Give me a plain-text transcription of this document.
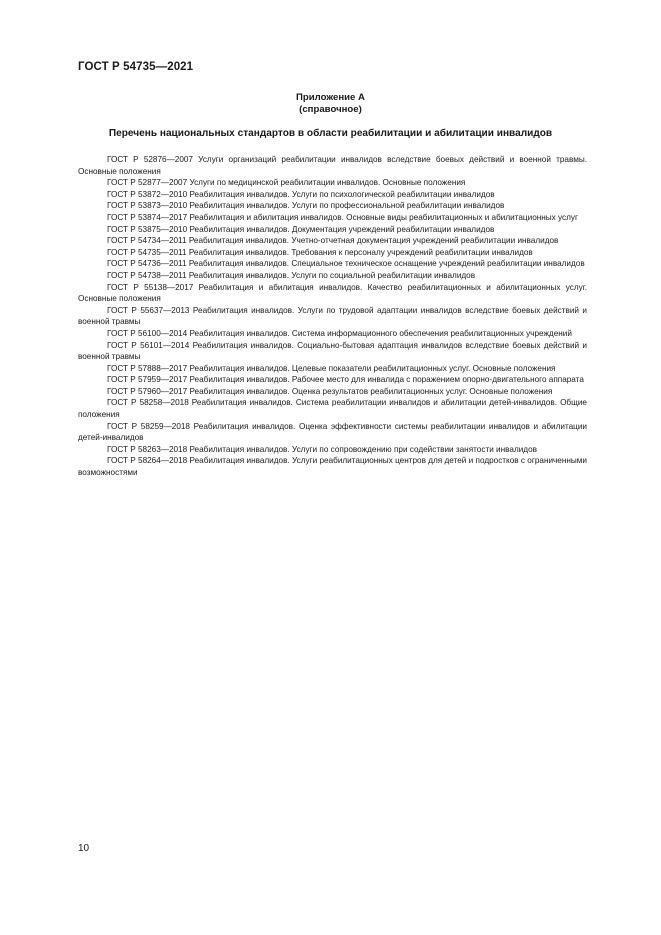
ГОСТ Р 54735—2021
Приложение А
(справочное)
Перечень национальных стандартов в области реабилитации и абилитации инвалидов

ГОСТ Р 52876—2007 Услуги организаций реабилитации инвалидов вследствие боевых действий и военной травмы. Основные положения

ГОСТ Р 52877—2007 Услуги по медицинской реабилитации инвалидов. Основные положения

ГОСТ Р 53872—2010 Реабилитация инвалидов. Услуги по психологической реабилитации инвалидов

ГОСТ Р 53873—2010 Реабилитация инвалидов. Услуги по профессиональной реабилитации инвалидов

ГОСТ Р 53874—2017 Реабилитация и абилитация инвалидов. Основные виды реабилитационных и абилитационных услуг

ГОСТ Р 53875—2010 Реабилитация инвалидов. Документация учреждений реабилитации инвалидов

ГОСТ Р 54734—2011 Реабилитация инвалидов. Учетно-отчетная документация учреждений реабилитации инвалидов

ГОСТ Р 54735—2011 Реабилитация инвалидов. Требования к персоналу учреждений реабилитации инвалидов

ГОСТ Р 54736—2011 Реабилитация инвалидов. Специальное техническое оснащение учреждений реабилитации инвалидов

ГОСТ Р 54738—2011 Реабилитация инвалидов. Услуги по социальной реабилитации инвалидов

ГОСТ Р 55138—2017 Реабилитация и абилитация инвалидов. Качество реабилитационных и абилитационных услуг. Основные положения

ГОСТ Р 55637—2013 Реабилитация инвалидов. Услуги по трудовой адаптации инвалидов вследствие боевых действий и военной травмы

ГОСТ Р 56100—2014 Реабилитация инвалидов. Система информационного обеспечения реабилитационных учреждений

ГОСТ Р 56101—2014 Реабилитация инвалидов. Социально-бытовая адаптация инвалидов вследствие боевых действий и военной травмы

ГОСТ Р 57888—2017 Реабилитация инвалидов. Целевые показатели реабилитационных услуг. Основные положения

ГОСТ Р 57959—2017 Реабилитация инвалидов. Рабочее место для инвалида с поражением опорно-двигательного аппарата

ГОСТ Р 57960—2017 Реабилитация инвалидов. Оценка результатов реабилитационных услуг. Основные положения

ГОСТ Р 58258—2018 Реабилитация инвалидов. Система реабилитации инвалидов и абилитации детей-инвалидов. Общие положения

ГОСТ Р 58259—2018 Реабилитация инвалидов. Оценка эффективности системы реабилитации инвалидов и абилитации детей-инвалидов

ГОСТ Р 58263—2018 Реабилитация инвалидов. Услуги по сопровождению при содействии занятости инвалидов

ГОСТ Р 58264—2018 Реабилитация инвалидов. Услуги реабилитационных центров для детей и подростков с ограниченными возможностями

10
